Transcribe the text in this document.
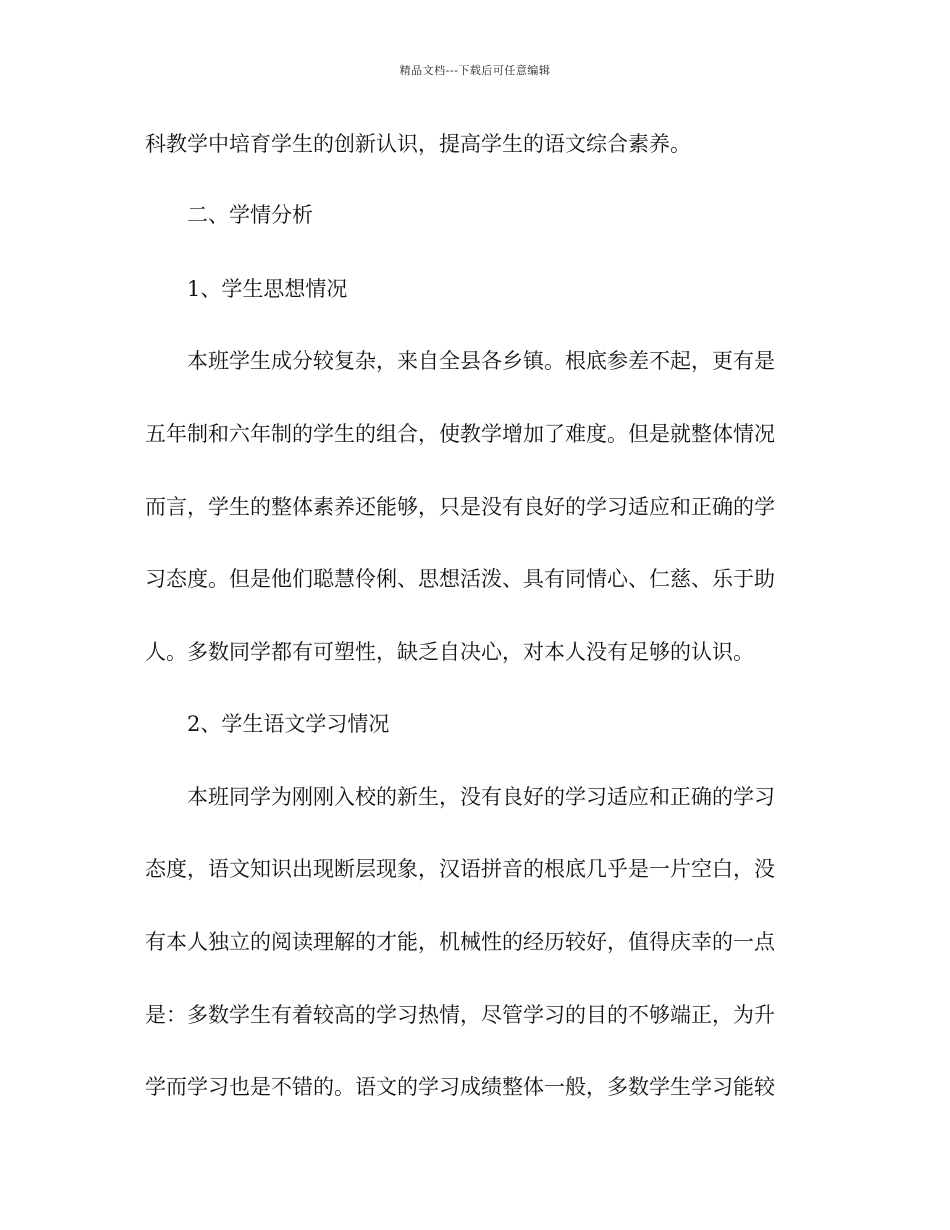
精品文档---下载后可任意编辑
科教学中培育学生的创新认识，提高学生的语文综合素养。
二、学情分析
1、学生思想情况
本班学生成分较复杂，来自全县各乡镇。根底参差不起，更有是
五年制和六年制的学生的组合，使教学增加了难度。但是就整体情况
而言，学生的整体素养还能够，只是没有良好的学习适应和正确的学
习态度。但是他们聪慧伶俐、思想活泼、具有同情心、仁慈、乐于助
人。多数同学都有可塑性，缺乏自决心，对本人没有足够的认识。
2、学生语文学习情况
本班同学为刚刚入校的新生，没有良好的学习适应和正确的学习
态度，语文知识出现断层现象，汉语拼音的根底几乎是一片空白，没
有本人独立的阅读理解的才能，机械性的经历较好，值得庆幸的一点
是：多数学生有着较高的学习热情，尽管学习的目的不够端正，为升
学而学习也是不错的。语文的学习成绩整体一般，多数学生学习能较
